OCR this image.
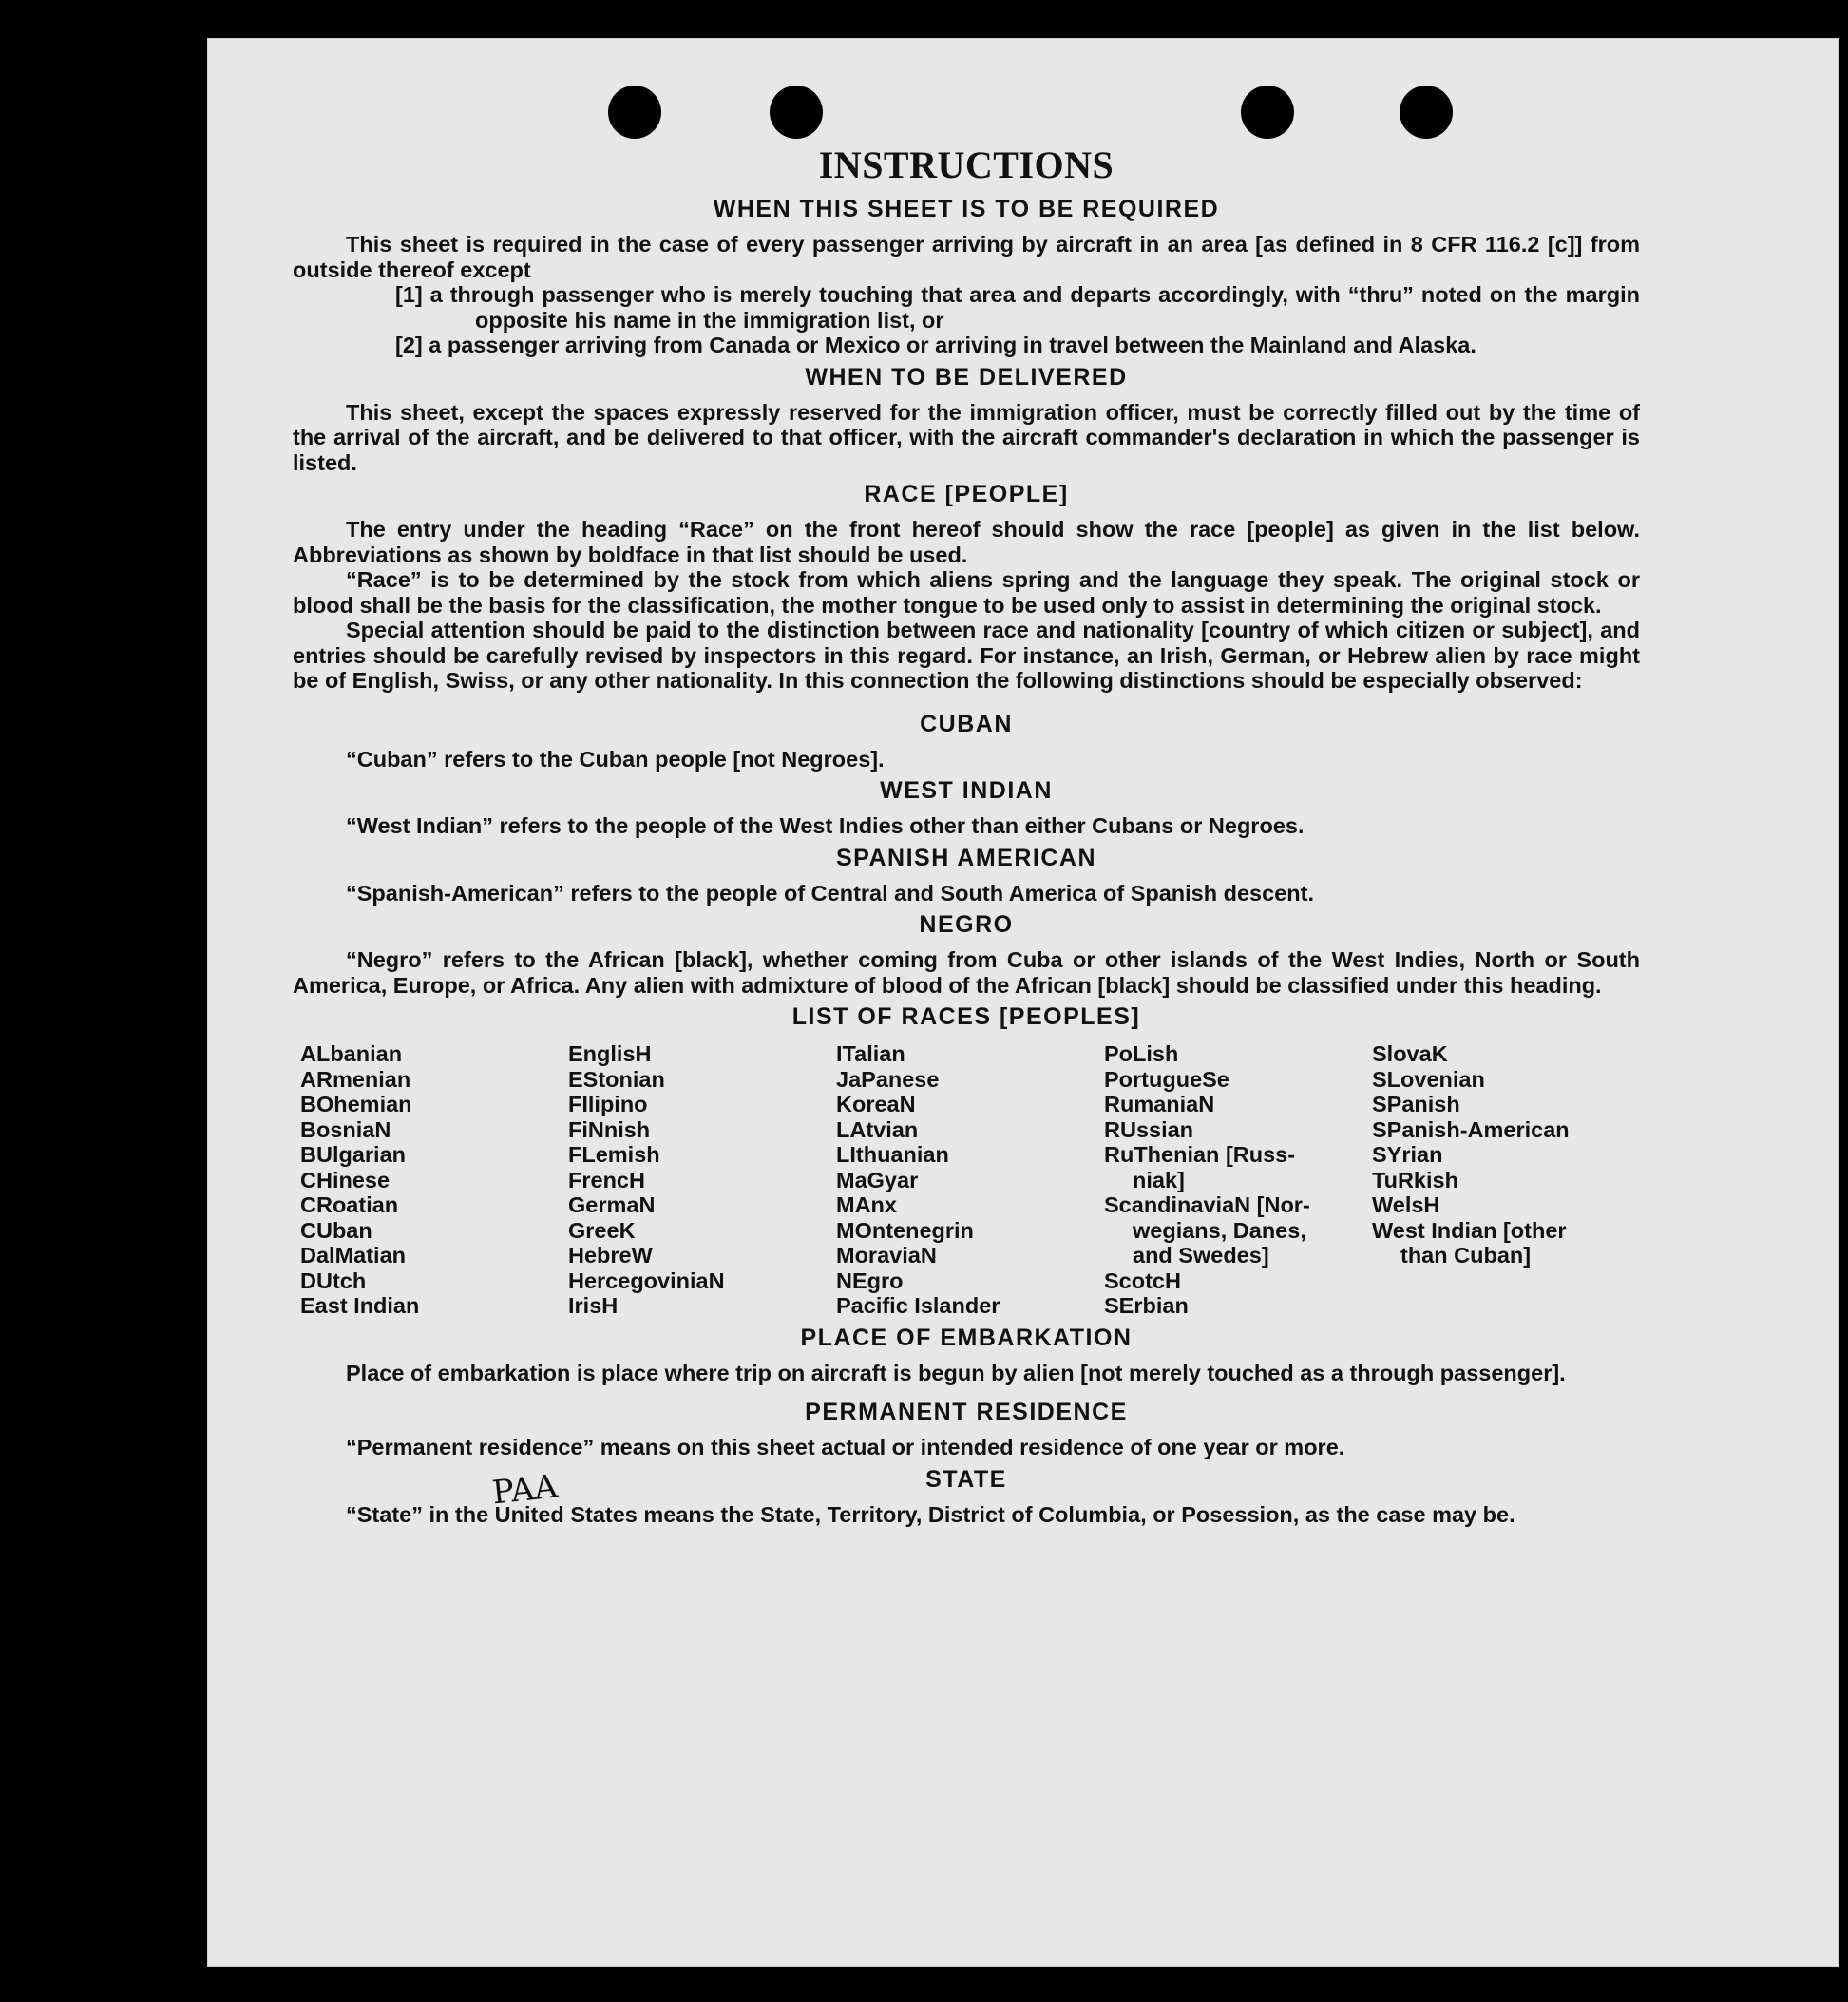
PAA
INSTRUCTIONS
WHEN THIS SHEET IS TO BE REQUIRED

This sheet is required in the case of every passenger arriving by aircraft in an area [as defined in 8 CFR 116.2 [c]] from outside thereof except

[1] a through passenger who is merely touching that area and departs accordingly, with “thru” noted on the margin opposite his name in the immigration list, or

[2] a passenger arriving from Canada or Mexico or arriving in travel between the Mainland and Alaska.

WHEN TO BE DELIVERED

This sheet, except the spaces expressly reserved for the immigration officer, must be correctly filled out by the time of the arrival of the aircraft, and be delivered to that officer, with the aircraft commander's declaration in which the passenger is listed.

RACE [PEOPLE]

The entry under the heading “Race” on the front hereof should show the race [people] as given in the list below. Abbreviations as shown by boldface in that list should be used.

“Race” is to be determined by the stock from which aliens spring and the language they speak. The original stock or blood shall be the basis for the classification, the mother tongue to be used only to assist in determining the original stock.

Special attention should be paid to the distinction between race and nationality [country of which citizen or subject], and entries should be carefully revised by inspectors in this regard. For instance, an Irish, German, or Hebrew alien by race might be of English, Swiss, or any other nationality. In this connection the following distinctions should be especially observed:

CUBAN

“Cuban” refers to the Cuban people [not Negroes].

WEST INDIAN

“West Indian” refers to the people of the West Indies other than either Cubans or Negroes.

SPANISH AMERICAN

“Spanish-American” refers to the people of Central and South America of Spanish descent.

NEGRO

“Negro” refers to the African [black], whether coming from Cuba or other islands of the West Indies, North or South America, Europe, or Africa. Any alien with admixture of blood of the African [black] should be classified under this heading.

LIST OF RACES [PEOPLES]
ALbanian
ARmenian
BOhemian
BosniaN
BUlgarian
CHinese
CRoatian
CUban
DalMatian
DUtch
East Indian
EnglisH
EStonian
FIlipino
FiNnish
FLemish
FrencH
GermaN
GreeK
HebreW
HercegoviniaN
IrisH
ITalian
JaPanese
KoreaN
LAtvian
LIthuanian
MaGyar
MAnx
MOntenegrin
MoraviaN
NEgro
Pacific Islander
PoLish
PortugueSe
RumaniaN
RUssian
RuThenian [Russ-
niak]
ScandinaviaN [Nor-
wegians, Danes,
and Swedes]
ScotcH
SErbian
SlovaK
SLovenian
SPanish
SPanish-American
SYrian
TuRkish
WelsH
West Indian [other
than Cuban]
PLACE OF EMBARKATION

Place of embarkation is place where trip on aircraft is begun by alien [not merely touched as a through passenger].

PERMANENT RESIDENCE

“Permanent residence” means on this sheet actual or intended residence of one year or more.

STATE

“State” in the United States means the State, Territory, District of Columbia, or Posession, as the case may be.
